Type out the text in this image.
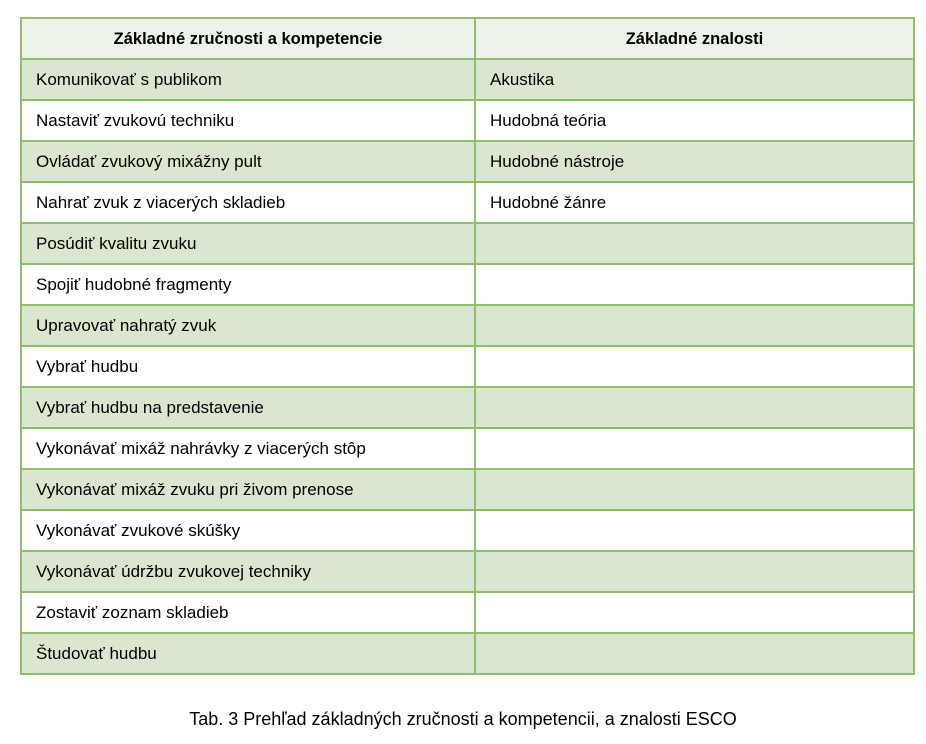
Základné zručnosti a kompetencie	Základné znalosti
Komunikovať s publikom	Akustika
Nastaviť zvukovú techniku	Hudobná teória
Ovládať zvukový mixážny pult	Hudobné nástroje
Nahrať zvuk z viacerých skladieb	Hudobné žánre
Posúdiť kvalitu zvuku	
Spojiť hudobné fragmenty	
Upravovať nahratý zvuk	
Vybrať hudbu	
Vybrať hudbu na predstavenie	
Vykonávať mixáž nahrávky z viacerých stôp	
Vykonávať mixáž zvuku pri živom prenose	
Vykonávať zvukové skúšky	
Vykonávať údržbu zvukovej techniky	
Zostaviť zoznam skladieb	
Študovať hudbu	
Tab. 3 Prehľad základných zručnosti a kompetencii, a znalosti ESCO
